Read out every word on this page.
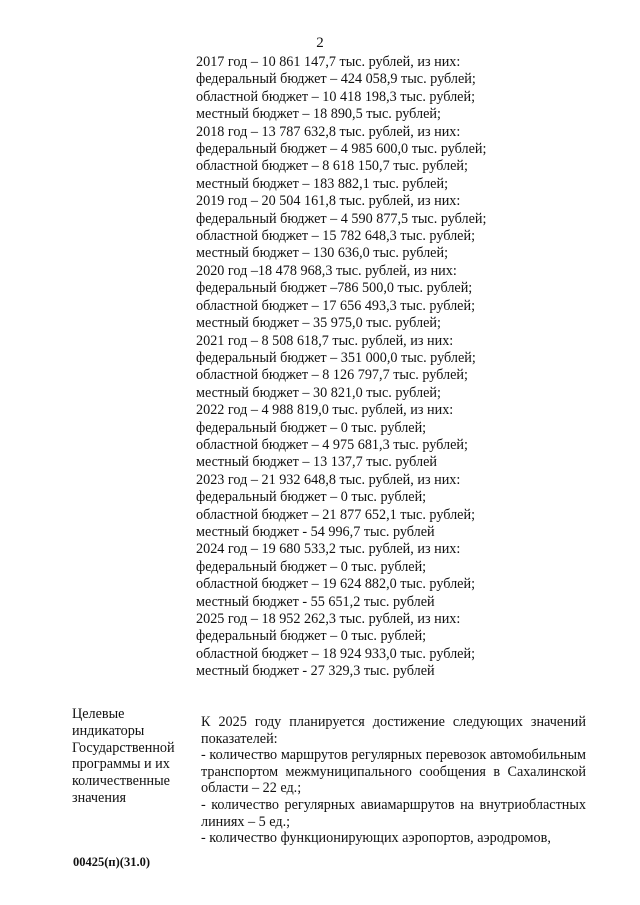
2
2017 год – 10 861 147,7 тыс. рублей, из них:
федеральный бюджет – 424 058,9 тыс. рублей;
областной бюджет – 10 418 198,3 тыс. рублей;
местный бюджет – 18 890,5 тыс. рублей;
2018 год – 13 787 632,8 тыс. рублей, из них:
федеральный бюджет – 4 985 600,0 тыс. рублей;
областной бюджет – 8 618 150,7 тыс. рублей;
местный бюджет – 183 882,1 тыс. рублей;
2019 год – 20 504 161,8 тыс. рублей, из них:
федеральный бюджет – 4 590 877,5 тыс. рублей;
областной бюджет – 15 782 648,3 тыс. рублей;
местный бюджет – 130 636,0 тыс. рублей;
2020 год –18 478 968,3 тыс. рублей, из них:
федеральный бюджет –786 500,0 тыс. рублей;
областной бюджет – 17 656 493,3 тыс. рублей;
местный бюджет – 35 975,0 тыс. рублей;
2021 год – 8 508 618,7 тыс. рублей, из них:
федеральный бюджет – 351 000,0 тыс. рублей;
областной бюджет – 8 126 797,7 тыс. рублей;
местный бюджет – 30 821,0 тыс. рублей;
2022 год – 4 988 819,0 тыс. рублей, из них:
федеральный бюджет – 0 тыс. рублей;
областной бюджет – 4 975 681,3 тыс. рублей;
местный бюджет – 13 137,7 тыс. рублей
2023 год – 21 932 648,8 тыс. рублей, из них:
федеральный бюджет – 0 тыс. рублей;
областной бюджет – 21 877 652,1 тыс. рублей;
местный бюджет - 54 996,7 тыс. рублей
2024 год – 19 680 533,2 тыс. рублей, из них:
федеральный бюджет – 0 тыс. рублей;
областной бюджет – 19 624 882,0 тыс. рублей;
местный бюджет - 55 651,2 тыс. рублей
2025 год – 18 952 262,3 тыс. рублей, из них:
федеральный бюджет – 0 тыс. рублей;
областной бюджет – 18 924 933,0 тыс. рублей;
местный бюджет - 27 329,3 тыс. рублей
Целевые
индикаторы
Государственной
программы и их
количественные
значения

К 2025 году планируется достижение следующих значений показателей:

- количество маршрутов регулярных перевозок автомобильным транспортом межмуниципального сообщения в Сахалинской области – 22 ед.;

- количество регулярных авиамаршрутов на внутриобластных линиях – 5 ед.;

- количество функционирующих аэропортов, аэродромов,

00425(п)(31.0)
